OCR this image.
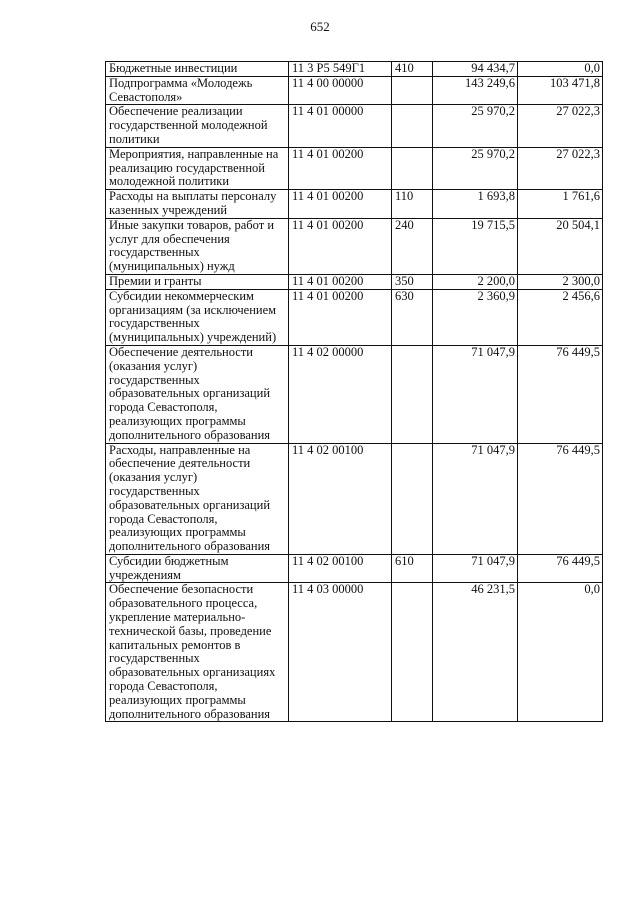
652
Бюджетные инвестиции	11 3 P5 549Г1	410	94 434,7	0,0
Подпрограмма «Молодежь Севастополя»	11 4 00 00000		143 249,6	103 471,8
Обеспечение реализации государственной молодежной политики	11 4 01 00000		25 970,2	27 022,3
Мероприятия, направленные на реализацию государственной молодежной политики	11 4 01 00200		25 970,2	27 022,3
Расходы на выплаты персоналу казенных учреждений	11 4 01 00200	110	1 693,8	1 761,6
Иные закупки товаров, работ и услуг для обеспечения государственных (муниципальных) нужд	11 4 01 00200	240	19 715,5	20 504,1
Премии и гранты	11 4 01 00200	350	2 200,0	2 300,0
Субсидии некоммерческим организациям (за исключением государственных (муниципальных) учреждений)	11 4 01 00200	630	2 360,9	2 456,6
Обеспечение деятельности (оказания услуг) государственных образовательных организаций города Севастополя, реализующих программы дополнительного образования	11 4 02 00000		71 047,9	76 449,5
Расходы, направленные на обеспечение деятельности (оказания услуг) государственных образовательных организаций города Севастополя, реализующих программы дополнительного образования	11 4 02 00100		71 047,9	76 449,5
Субсидии бюджетным учреждениям	11 4 02 00100	610	71 047,9	76 449,5
Обеспечение безопасности образовательного процесса, укрепление материально-технической базы, проведение капитальных ремонтов в государственных образовательных организациях города Севастополя, реализующих программы дополнительного образования	11 4 03 00000		46 231,5	0,0
